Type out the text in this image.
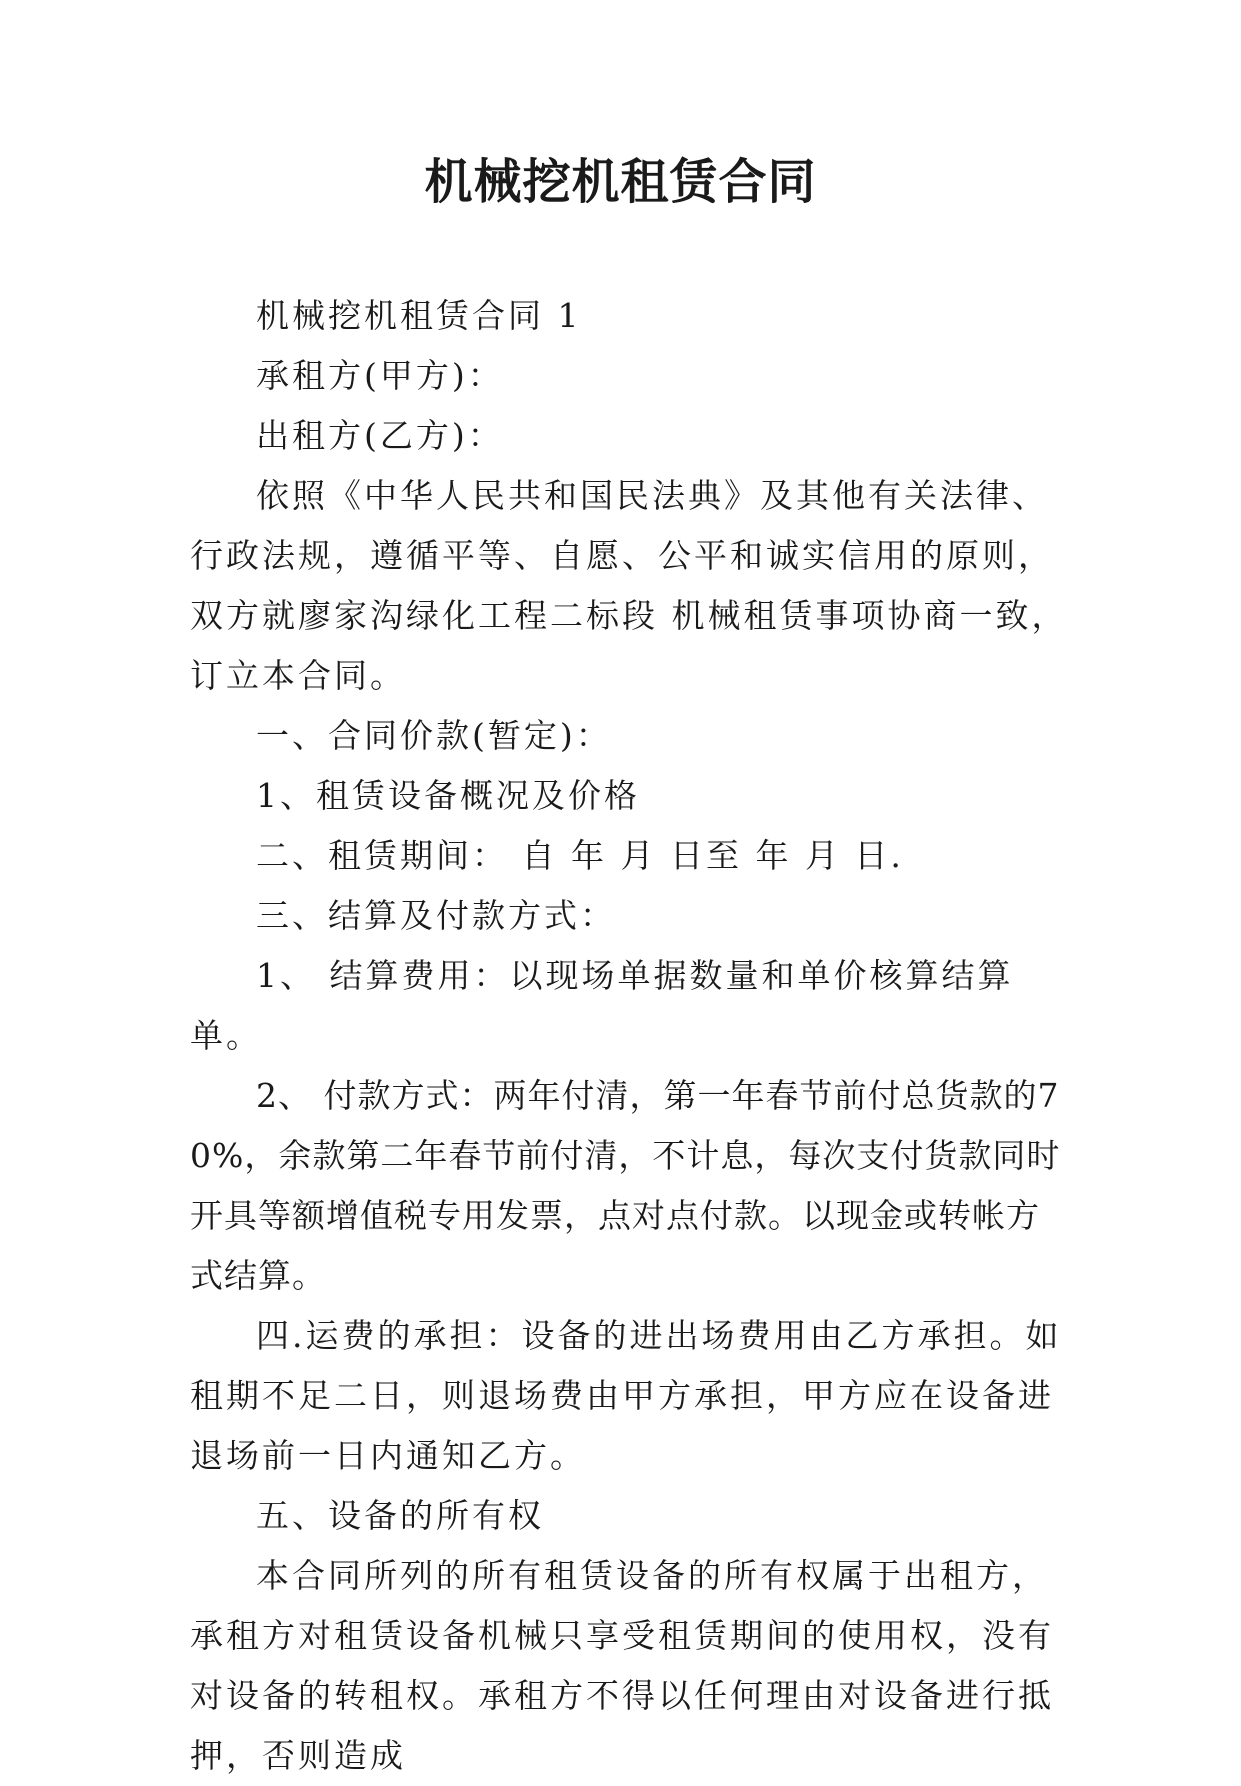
机械挖机租赁合同

机械挖机租赁合同 1

承租方(甲方)：

出租方(乙方)：

依照《中华人民共和国民法典》及其他有关法律、行政法规，遵循平等、自愿、公平和诚实信用的原则，双方就廖家沟绿化工程二标段 机械租赁事项协商一致，订立本合同。

一、合同价款(暂定)：

1、租赁设备概况及价格

二、租赁期间： 自 年 月 日至 年 月 日.

三、结算及付款方式：

1、 结算费用：以现场单据数量和单价核算结算单。

2、 付款方式：两年付清，第一年春节前付总货款的70%，余款第二年春节前付清，不计息，每次支付货款同时开具等额增值税专用发票，点对点付款。以现金或转帐方式结算。

四.运费的承担：设备的进出场费用由乙方承担。如租期不足二日，则退场费由甲方承担，甲方应在设备进退场前一日内通知乙方。

五、设备的所有权

本合同所列的所有租赁设备的所有权属于出租方，承租方对租赁设备机械只享受租赁期间的使用权，没有对设备的转租权。承租方不得以任何理由对设备进行抵押，否则造成
